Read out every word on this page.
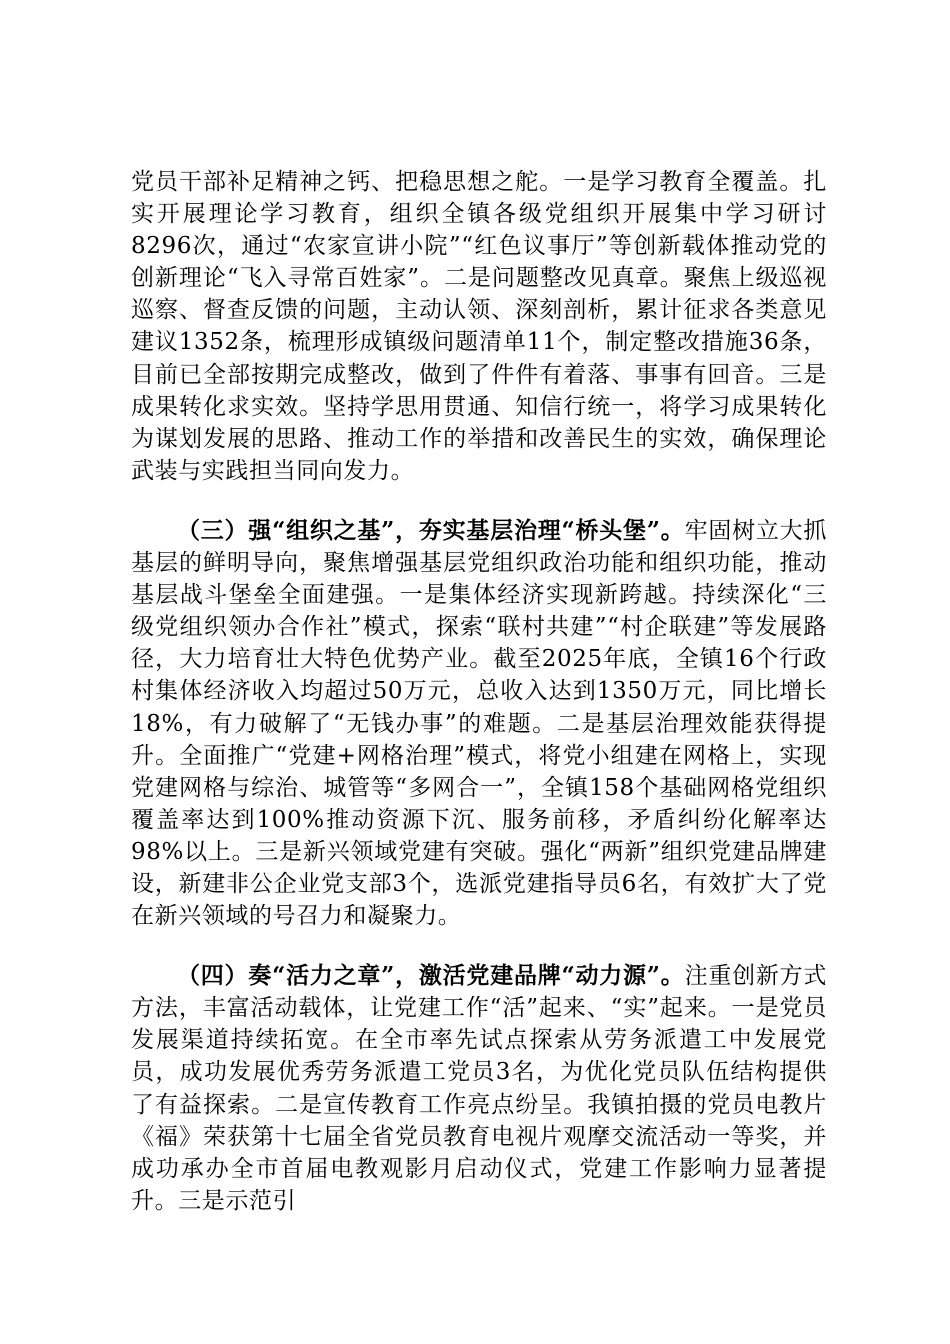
党员干部补足精神之钙、把稳思想之舵。一是学习教育全覆盖。扎实开展理论学习教育，组织全镇各级党组织开展集中学习研讨8296次，通过“农家宣讲小院”“红色议事厅”等创新载体推动党的创新理论“飞入寻常百姓家”。二是问题整改见真章。聚焦上级巡视巡察、督查反馈的问题，主动认领、深刻剖析，累计征求各类意见建议1352条，梳理形成镇级问题清单11个，制定整改措施36条，目前已全部按期完成整改，做到了件件有着落、事事有回音。三是成果转化求实效。坚持学思用贯通、知信行统一，将学习成果转化为谋划发展的思路、推动工作的举措和改善民生的实效，确保理论武装与实践担当同向发力。

（三）强“组织之基”，夯实基层治理“桥头堡”。牢固树立大抓基层的鲜明导向，聚焦增强基层党组织政治功能和组织功能，推动基层战斗堡垒全面建强。一是集体经济实现新跨越。持续深化“三级党组织领办合作社”模式，探索“联村共建”“村企联建”等发展路径，大力培育壮大特色优势产业。截至2025年底，全镇16个行政村集体经济收入均超过50万元，总收入达到1350万元，同比增长18%，有力破解了“无钱办事”的难题。二是基层治理效能获得提升。全面推广“党建+网格治理”模式，将党小组建在网格上，实现党建网格与综治、城管等“多网合一”，全镇158个基础网格党组织覆盖率达到100%推动资源下沉、服务前移，矛盾纠纷化解率达98%以上。三是新兴领域党建有突破。强化“两新”组织党建品牌建设，新建非公企业党支部3个，选派党建指导员6名，有效扩大了党在新兴领域的号召力和凝聚力。

（四）奏“活力之章”，激活党建品牌“动力源”。注重创新方式方法，丰富活动载体，让党建工作“活”起来、“实”起来。一是党员发展渠道持续拓宽。在全市率先试点探索从劳务派遣工中发展党员，成功发展优秀劳务派遣工党员3名，为优化党员队伍结构提供了有益探索。二是宣传教育工作亮点纷呈。我镇拍摄的党员电教片《福》荣获第十七届全省党员教育电视片观摩交流活动一等奖，并成功承办全市首届电教观影月启动仪式，党建工作影响力显著提升。三是示范引
